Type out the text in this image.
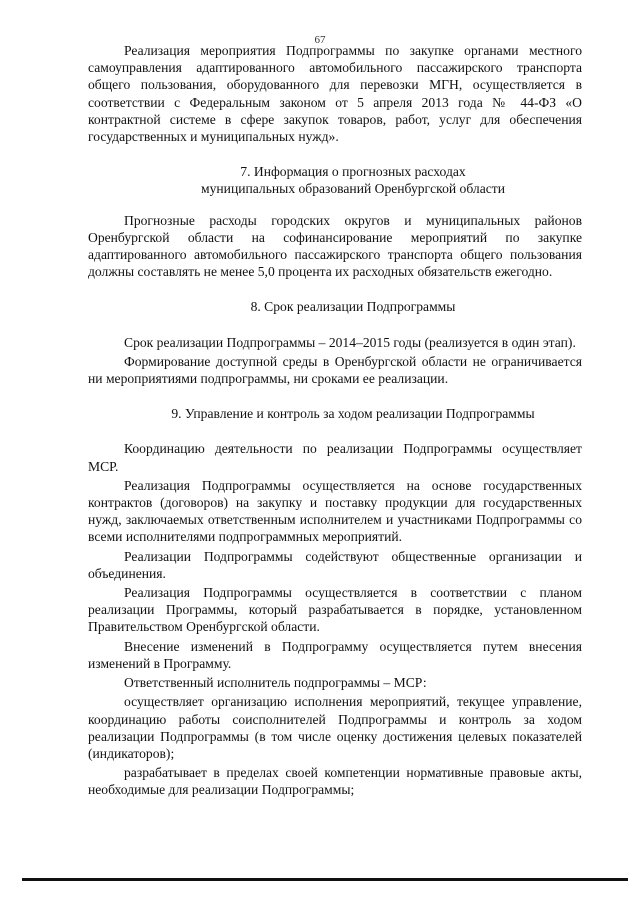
67

Реализация мероприятия Подпрограммы по закупке органами местного самоуправления адаптированного автомобильного пассажирского транспорта общего пользования, оборудованного для перевозки МГН, осуществляется в соответствии с Федеральным законом от 5 апреля 2013 года № 44-ФЗ «О контрактной системе в сфере закупок товаров, работ, услуг для обеспечения государственных и муниципальных нужд».

7. Информация о прогнозных расходах
муниципальных образований Оренбургской области

Прогнозные расходы городских округов и муниципальных районов Оренбургской области на софинансирование мероприятий по закупке адаптированного автомобильного пассажирского транспорта общего пользования должны составлять не менее 5,0 процента их расходных обязательств ежегодно.

8. Срок реализации Подпрограммы

Срок реализации Подпрограммы – 2014–2015 годы (реализуется в один этап).

Формирование доступной среды в Оренбургской области не ограничивается ни мероприятиями подпрограммы, ни сроками ее реализации.

9. Управление и контроль за ходом реализации Подпрограммы

Координацию деятельности по реализации Подпрограммы осуществляет МСР.

Реализация Подпрограммы осуществляется на основе государственных контрактов (договоров) на закупку и поставку продукции для государственных нужд, заключаемых ответственным исполнителем и участниками Подпрограммы со всеми исполнителями подпрограммных мероприятий.

Реализации Подпрограммы содействуют общественные организации и объединения.

Реализация Подпрограммы осуществляется в соответствии с планом реализации Программы, который разрабатывается в порядке, установленном Правительством Оренбургской области.

Внесение изменений в Подпрограмму осуществляется путем внесения изменений в Программу.

Ответственный исполнитель подпрограммы – МСР:

осуществляет организацию исполнения мероприятий, текущее управление, координацию работы соисполнителей Подпрограммы и контроль за ходом реализации Подпрограммы (в том числе оценку достижения целевых показателей (индикаторов);

разрабатывает в пределах своей компетенции нормативные правовые акты, необходимые для реализации Подпрограммы;
